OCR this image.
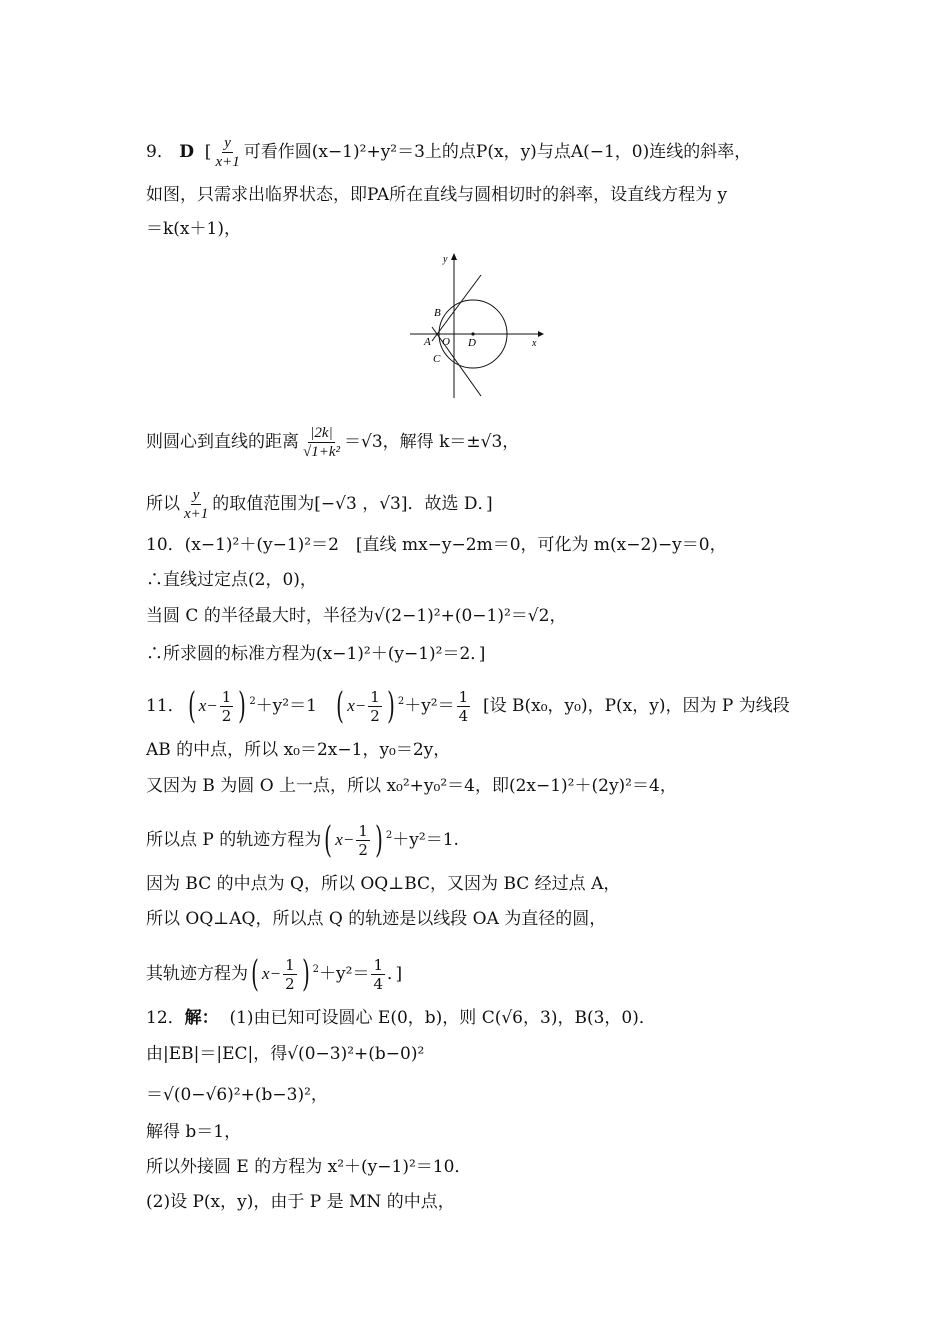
9． D [ $\frac{y}{x+1}$ 可看作圆(x−1)²+y²＝3上的点P(x，y)与点A(−1，0)连线的斜率，
如图，只需求出临界状态，即PA所在直线与圆相切时的斜率，设直线方程为 y
＝k(x＋1)，
y
x
B
A O D
C
则圆心到直线的距离 $\frac{|2k|}{\text{√1+k²}} =√3$，解得 k＝±√3，
所以 $\frac{y}{x+1}$ 的取值范围为[−√3 ，√3]．故选 D．]
10．(x−1)²＋(y−1)²＝2　[直线 mx−y−2m＝0，可化为 m(x−2)−y＝0，
∴直线过定点(2，0)，
当圆 C 的半径最大时，半径为√(2−1)²+(0−1)²＝√2，
∴所求圆的标准方程为(x−1)²＋(y−1)²＝2．]
11．( $x- \frac{1}{2}$ ) $^2$＋y²＝1 ( $x- \frac{1}{2}$ ) $^2+y^2= \frac{1}{4}$ [设 B(x₀，y₀)，P(x，y)，因为 P 为线段
AB 的中点，所以 x₀＝2x−1，y₀＝2y，
又因为 B 为圆 O 上一点，所以 x₀²+y₀²＝4，即(2x−1)²＋(2y)²＝4，
所以点 P 的轨迹方程为( $x- \frac{1}{2}$ ) $^2$＋y²＝1.
因为 BC 的中点为 Q，所以 OQ⊥BC，又因为 BC 经过点 A，
所以 OQ⊥AQ，所以点 Q 的轨迹是以线段 OA 为直径的圆，
其轨迹方程为( $x- \frac{1}{2}$ ) $^2+y^2= \frac{1}{4}$ ．]
12．解： (1)由已知可设圆心 E(0，b)，则 C(√6，3)，B(3，0)．
由|EB|＝|EC|，得√(0−3)²+(b−0)²
＝√(0−√6)²+(b−3)²，
解得 b＝1，
所以外接圆 E 的方程为 x²＋(y−1)²＝10．
(2)设 P(x，y)，由于 P 是 MN 的中点，
